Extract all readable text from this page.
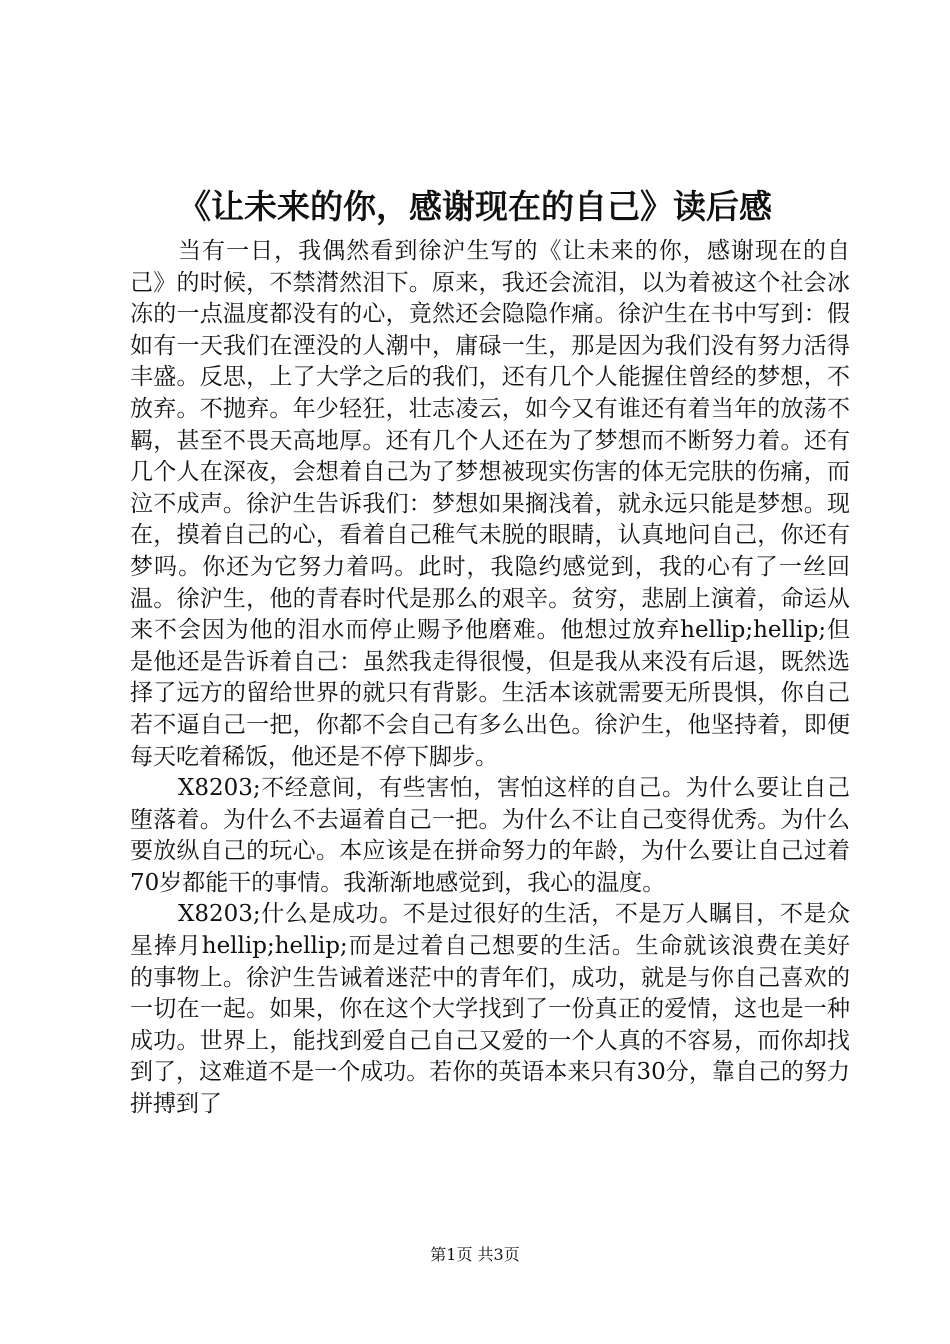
《让未来的你，感谢现在的自己》读后感

当有一日，我偶然看到徐沪生写的《让未来的你，感谢现在的自己》的时候，不禁潸然泪下。原来，我还会流泪，以为着被这个社会冰冻的一点温度都没有的心，竟然还会隐隐作痛。徐沪生在书中写到：假如有一天我们在湮没的人潮中，庸碌一生，那是因为我们没有努力活得丰盛。反思，上了大学之后的我们，还有几个人能握住曾经的梦想，不放弃。不抛弃。年少轻狂，壮志凌云，如今又有谁还有着当年的放荡不羁，甚至不畏天高地厚。还有几个人还在为了梦想而不断努力着。还有几个人在深夜，会想着自己为了梦想被现实伤害的体无完肤的伤痛，而泣不成声。徐沪生告诉我们：梦想如果搁浅着，就永远只能是梦想。现在，摸着自己的心，看着自己稚气未脱的眼睛，认真地问自己，你还有梦吗。你还为它努力着吗。此时，我隐约感觉到，我的心有了一丝回温。徐沪生，他的青春时代是那么的艰辛。贫穷，悲剧上演着，命运从来不会因为他的泪水而停止赐予他磨难。他想过放弃hellip;hellip;但是他还是告诉着自己：虽然我走得很慢，但是我从来没有后退，既然选择了远方的留给世界的就只有背影。生活本该就需要无所畏惧，你自己若不逼自己一把，你都不会自己有多么出色。徐沪生，他坚持着，即便每天吃着稀饭，他还是不停下脚步。

X8203;不经意间，有些害怕，害怕这样的自己。为什么要让自己堕落着。为什么不去逼着自己一把。为什么不让自己变得优秀。为什么要放纵自己的玩心。本应该是在拼命努力的年龄，为什么要让自己过着70岁都能干的事情。我渐渐地感觉到，我心的温度。

X8203;什么是成功。不是过很好的生活，不是万人瞩目，不是众星捧月hellip;hellip;而是过着自己想要的生活。生命就该浪费在美好的事物上。徐沪生告诫着迷茫中的青年们，成功，就是与你自己喜欢的一切在一起。如果，你在这个大学找到了一份真正的爱情，这也是一种成功。世界上，能找到爱自己自己又爱的一个人真的不容易，而你却找到了，这难道不是一个成功。若你的英语本来只有30分，靠自己的努力拼搏到了

第1页 共3页
